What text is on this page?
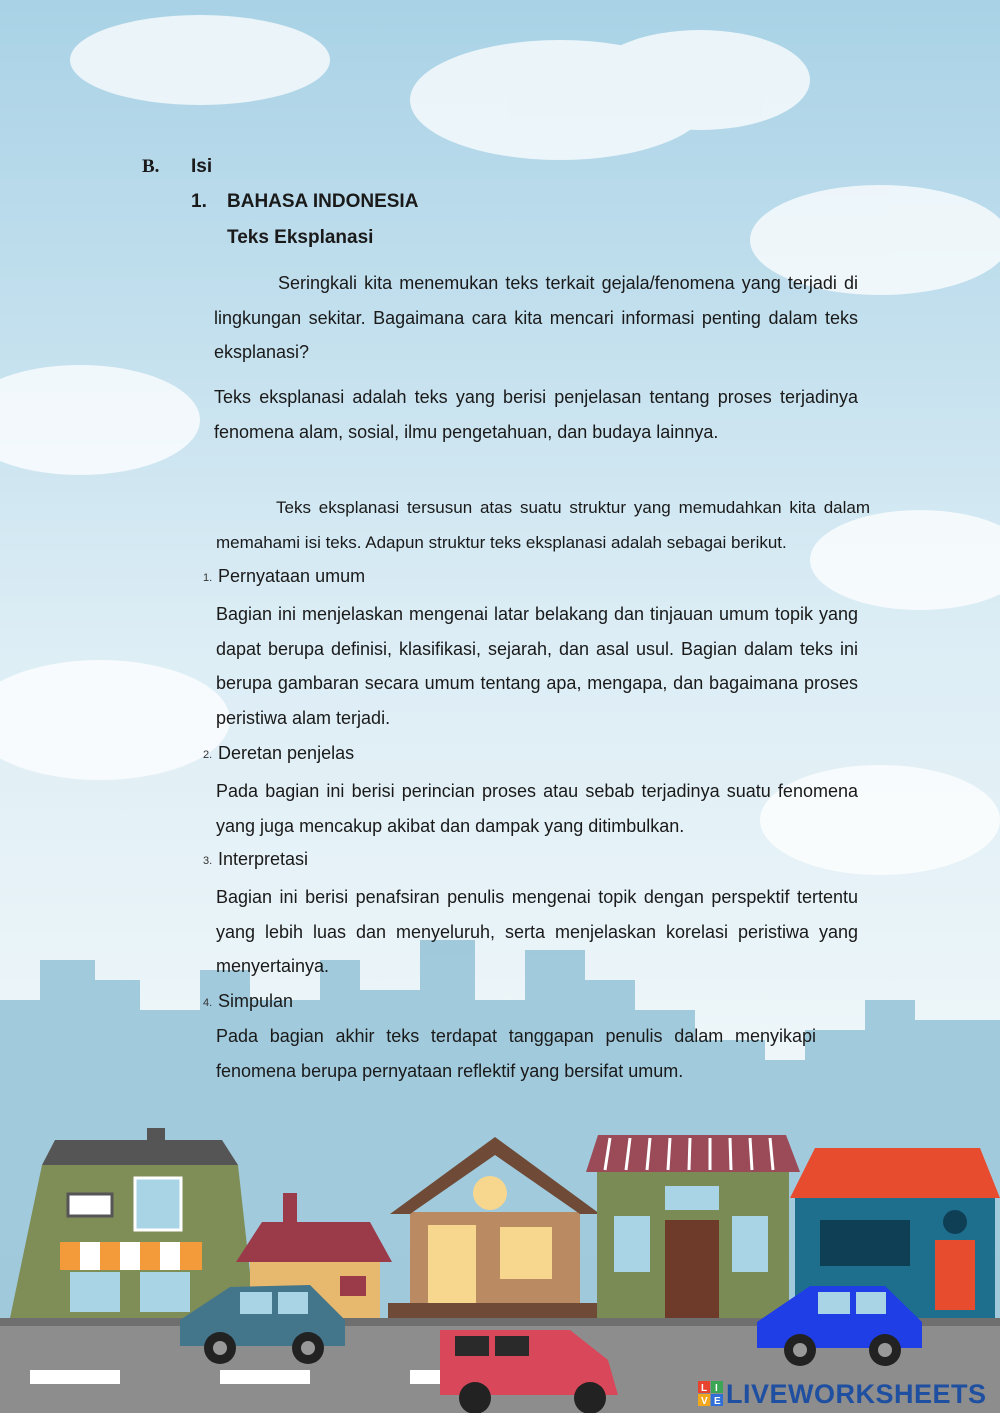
B. Isi
1. BAHASA INDONESIA
Teks Eksplanasi
Seringkali kita menemukan teks terkait gejala/fenomena yang terjadi di lingkungan sekitar. Bagaimana cara kita mencari informasi penting dalam teks eksplanasi?
Teks eksplanasi adalah teks yang berisi penjelasan tentang proses terjadinya fenomena alam, sosial, ilmu pengetahuan, dan budaya lainnya.
Teks eksplanasi tersusun atas suatu struktur yang memudahkan kita dalam memahami isi teks. Adapun struktur teks eksplanasi adalah sebagai berikut.
1. Pernyataan umum
Bagian ini menjelaskan mengenai latar belakang dan tinjauan umum topik yang dapat berupa definisi, klasifikasi, sejarah, dan asal usul. Bagian dalam teks ini berupa gambaran secara umum tentang apa, mengapa, dan bagaimana proses peristiwa alam terjadi.
2. Deretan penjelas
Pada bagian ini berisi perincian proses atau sebab terjadinya suatu fenomena yang juga mencakup akibat dan dampak yang ditimbulkan.
3. Interpretasi
Bagian ini berisi penafsiran penulis mengenai topik dengan perspektif tertentu yang lebih luas dan menyeluruh, serta menjelaskan korelasi peristiwa yang menyertainya.
4. Simpulan
Pada bagian akhir teks terdapat tanggapan penulis dalam menyikapi fenomena berupa pernyataan reflektif yang bersifat umum.
L I
V E LIVEWORKSHEETS
